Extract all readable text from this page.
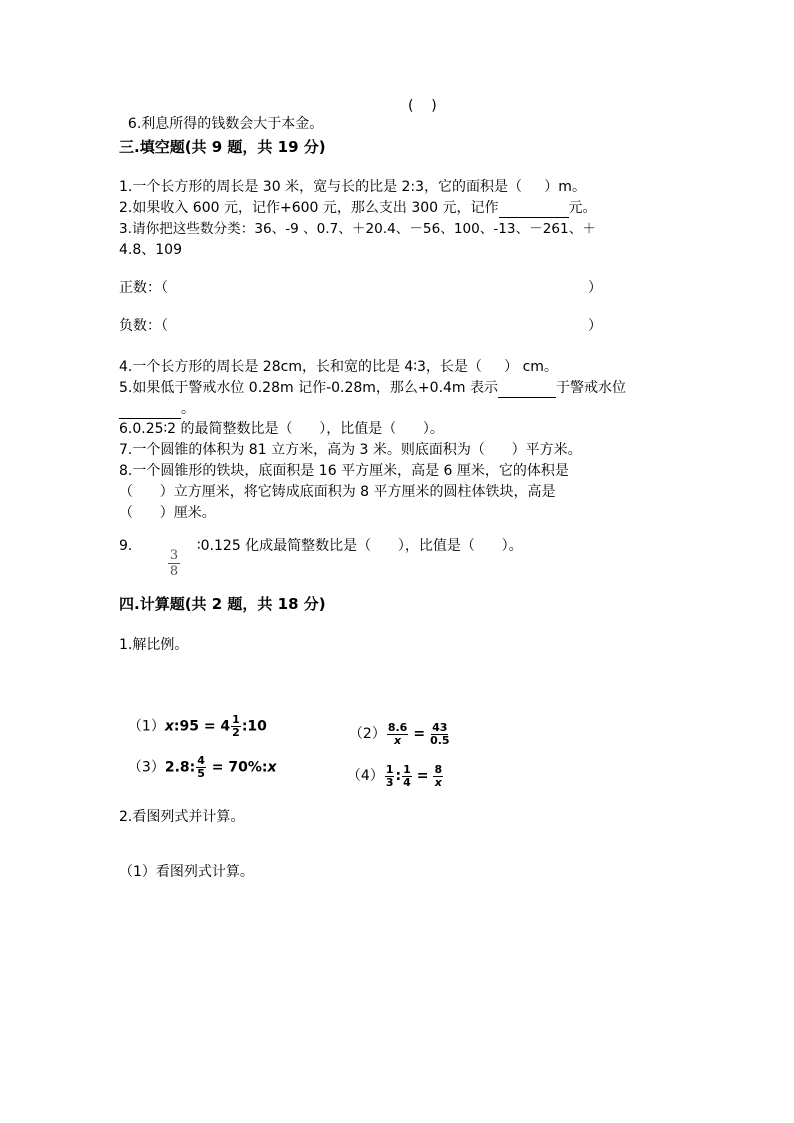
6.利息所得的钱数会大于本金。

(    )
三.填空题(共 9 题，共 19 分)
1.一个长方形的周长是 30 米，宽与长的比是 2:3，它的面积是（     ）m。
2.如果收入 600 元，记作+600 元，那么支出 300 元，记作	元。
3.请你把这些数分类：36、-9 、0.7、＋20.4、－56、100、-13、－261、＋
4.8、109
正数：（	）
负数：（	）
4.一个长方形的周长是 28cm，长和宽的比是 4∶3，长是（     ） cm。
5.如果低于警戒水位 0.28m 记作-0.28m，那么+0.4m 表示	于警戒水位
。
6.0.25∶2 的最简整数比是（      ），比值是（      ）。
7.一个圆锥的体积为 81 立方米，高为 3 米。则底面积为（      ）平方米。
8.一个圆锥形的铁块，底面积是 16 平方厘米，高是 6 厘米，它的体积是
（      ）立方厘米，将它铸成底面积为 8 平方厘米的圆柱体铁块，高是
（      ）厘米。
9.

$\frac{3}{8}$

∶0.125 化成最简整数比是（      ），比值是（      ）。
四.计算题(共 2 题，共 18 分)
1.解比例。

（1）x:95 = $4 \frac{1}{2}$ :10	$(2) \frac{8.6}{x} = \frac{43}{0.5}$

（3）2.8: $\frac{4}{5}$ = 70%:x

$(4) \frac{1}{3}$ : $\frac{1}{4} = \frac{8}{x}$

2.看图列式并计算。
（1）看图列式计算。
